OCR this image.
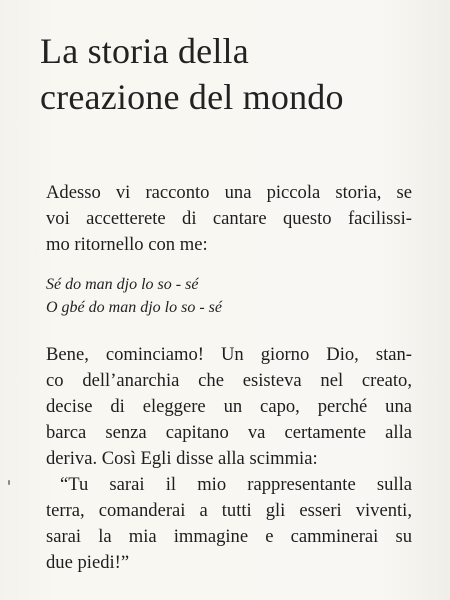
La storia della
creazione del mondo
Adesso vi racconto una piccola storia, se
voi accetterete di cantare questo facilissi-
mo ritornello con me:
Sé do man djo lo so - sé
O gbé do man djo lo so - sé
Bene, cominciamo! Un giorno Dio, stan-
co dell’anarchia che esisteva nel creato,
decise di eleggere un capo, perché una
barca senza capitano va certamente alla
deriva. Così Egli disse alla scimmia:
“Tu sarai il mio rappresentante sulla
terra, comanderai a tutti gli esseri viventi,
sarai la mia immagine e camminerai su
due piedi!”
